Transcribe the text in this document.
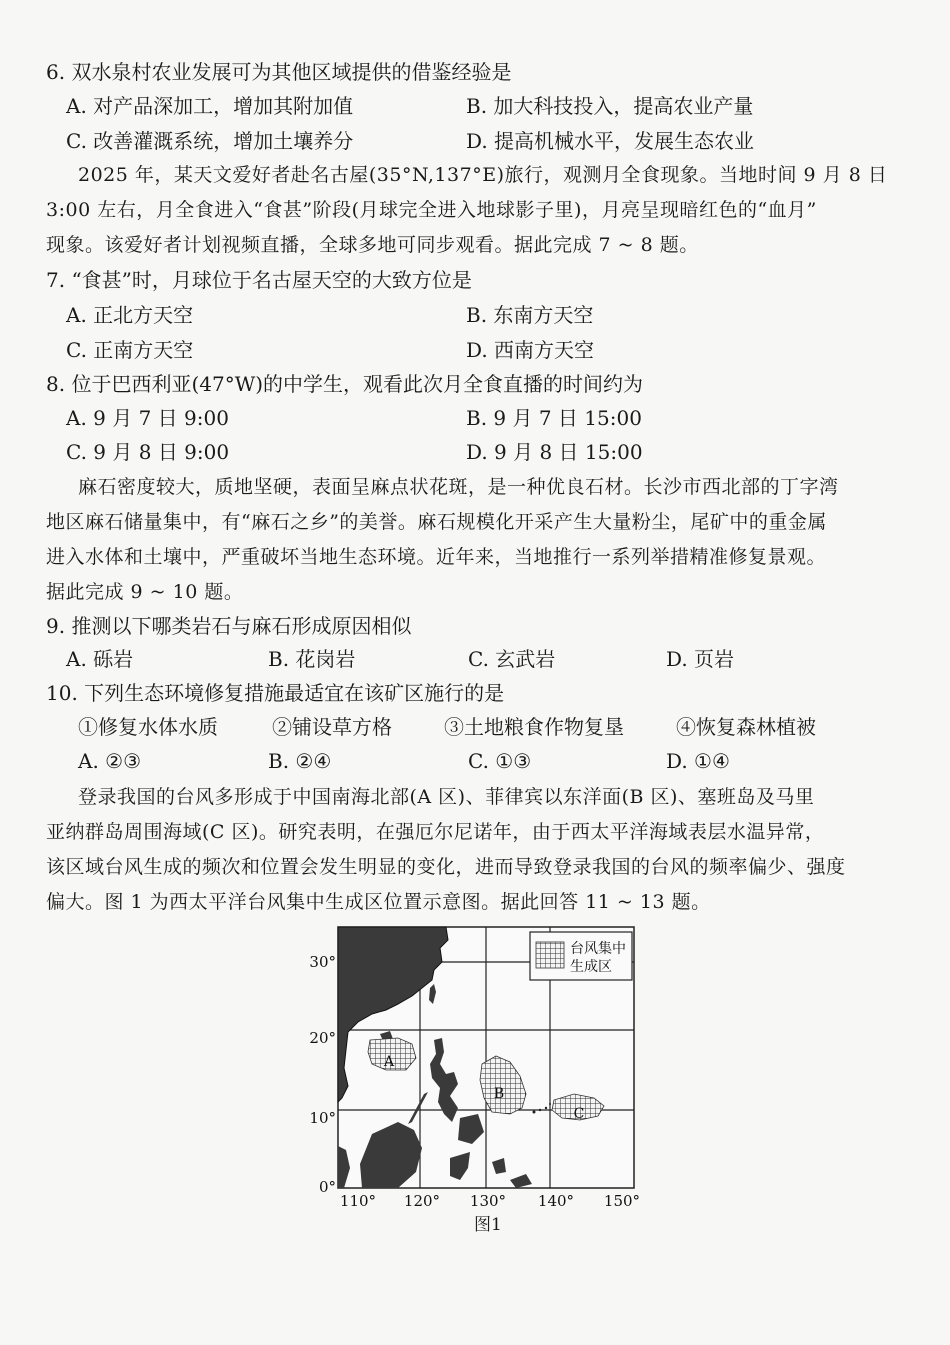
6. 双水泉村农业发展可为其他区域提供的借鉴经验是
A. 对产品深加工，增加其附加值	B. 加大科技投入，提高农业产量
C. 改善灌溉系统，增加土壤养分	D. 提高机械水平，发展生态农业
2025 年，某天文爱好者赴名古屋(35°N,137°E)旅行，观测月全食现象。当地时间 9 月 8 日
3:00 左右，月全食进入“食甚”阶段(月球完全进入地球影子里)，月亮呈现暗红色的“血月”
现象。该爱好者计划视频直播，全球多地可同步观看。据此完成 7 ~ 8 题。
7. “食甚”时，月球位于名古屋天空的大致方位是
A. 正北方天空	B. 东南方天空
C. 正南方天空	D. 西南方天空
8. 位于巴西利亚(47°W)的中学生，观看此次月全食直播的时间约为
A. 9 月 7 日 9:00	B. 9 月 7 日 15:00
C. 9 月 8 日 9:00	D. 9 月 8 日 15:00
麻石密度较大，质地坚硬，表面呈麻点状花斑，是一种优良石材。长沙市西北部的丁字湾
地区麻石储量集中，有“麻石之乡”的美誉。麻石规模化开采产生大量粉尘，尾矿中的重金属
进入水体和土壤中，严重破坏当地生态环境。近年来，当地推行一系列举措精准修复景观。
据此完成 9 ~ 10 题。
9. 推测以下哪类岩石与麻石形成原因相似
A. 砾岩	B. 花岗岩	C. 玄武岩	D. 页岩
10. 下列生态环境修复措施最适宜在该矿区施行的是
①修复水体水质	②铺设草方格	③土地粮食作物复垦	④恢复森林植被
A. ②③	B. ②④	C. ①③	D. ①④
登录我国的台风多形成于中国南海北部(A 区)、菲律宾以东洋面(B 区)、塞班岛及马里
亚纳群岛周围海域(C 区)。研究表明，在强厄尔尼诺年，由于西太平洋海域表层水温异常，
该区域台风生成的频次和位置会发生明显的变化，进而导致登录我国的台风的频率偏少、强度
偏大。图 1 为西太平洋台风集中生成区位置示意图。据此回答 11 ~ 13 题。
A
B
C
台风集中
生成区
30°
20°
10°
0°
110° 120° 130° 140° 150°
图1
